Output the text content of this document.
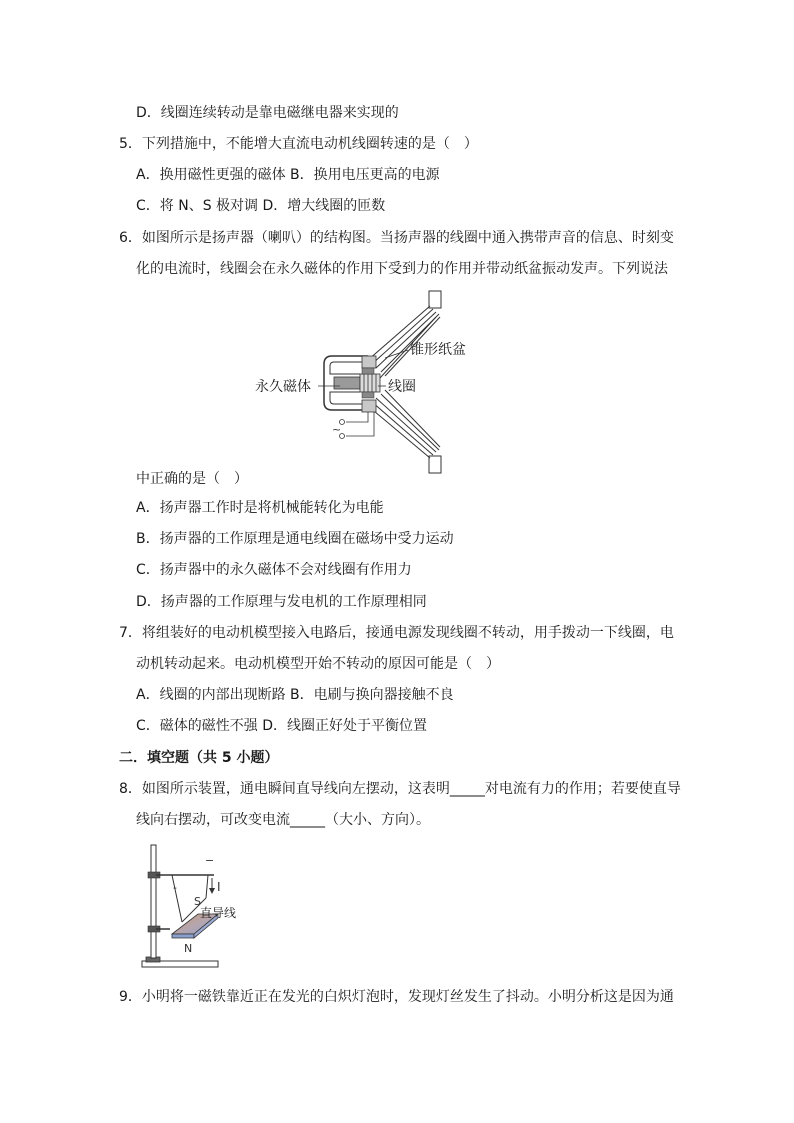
D．线圈连续转动是靠电磁继电器来实现的
5．下列措施中，不能增大直流电动机线圈转速的是（　）
A．换用磁性更强的磁体 B．换用电压更高的电源
C．将 N、S 极对调 D．增大线圈的匝数
6．如图所示是扬声器（喇叭）的结构图。当扬声器的线圈中通入携带声音的信息、时刻变
化的电流时，线圈会在永久磁体的作用下受到力的作用并带动纸盆振动发声。下列说法
~
锥形纸盆
永久磁体	线圈
中正确的是（　）
A．扬声器工作时是将机械能转化为电能
B．扬声器的工作原理是通电线圈在磁场中受力运动
C．扬声器中的永久磁体不会对线圈有作用力
D．扬声器的工作原理与发电机的工作原理相同
7．将组装好的电动机模型接入电路后，接通电源发现线圈不转动，用手拨动一下线圈，电
动机转动起来。电动机模型开始不转动的原因可能是（　）
A．线圈的内部出现断路 B．电刷与换向器接触不良
C．磁体的磁性不强 D．线圈正好处于平衡位置
二．填空题（共 5 小题）
8．如图所示装置，通电瞬间直导线向左摆动，这表明_____对电流有力的作用；若要使直导
线向右摆动，可改变电流_____（大小、方向）。
−
-	I
S
直导线
N
9．小明将一磁铁靠近正在发光的白炽灯泡时，发现灯丝发生了抖动。小明分析这是因为通
